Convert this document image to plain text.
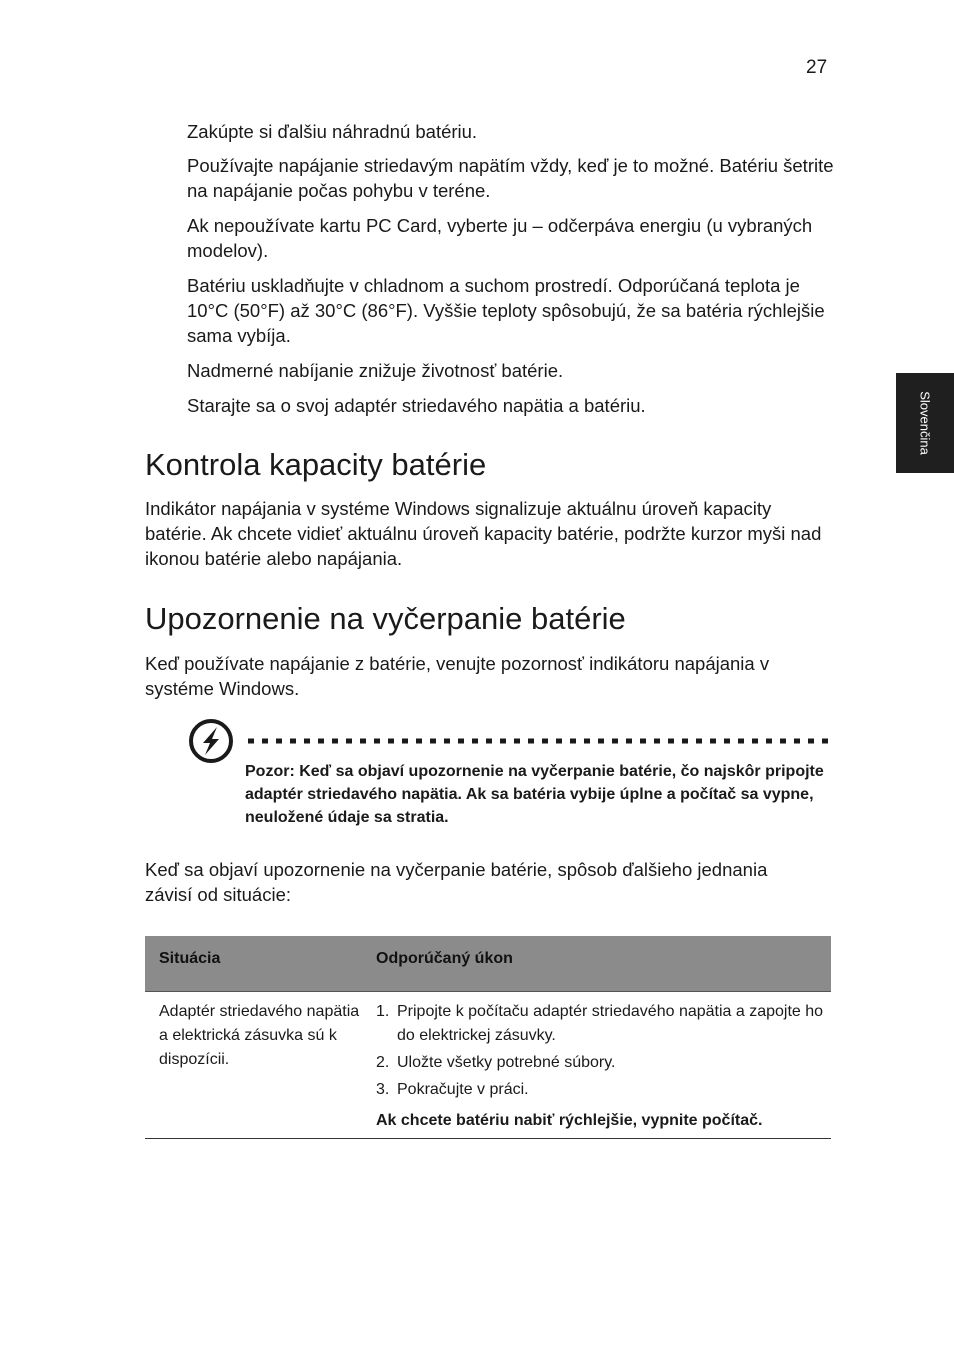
27
Slovenčina
Zakúpte si ďalšiu náhradnú batériu.
Používajte napájanie striedavým napätím vždy, keď je to možné. Batériu šetrite na napájanie počas pohybu v teréne.
Ak nepoužívate kartu PC Card, vyberte ju – odčerpáva energiu (u vybraných modelov).
Batériu uskladňujte v chladnom a suchom prostredí. Odporúčaná teplota je 10°C (50°F) až 30°C (86°F). Vyššie teploty spôsobujú, že sa batéria rýchlejšie sama vybíja.
Nadmerné nabíjanie znižuje životnosť batérie.
Starajte sa o svoj adaptér striedavého napätia a batériu.
Kontrola kapacity batérie

Indikátor napájania v systéme Windows signalizuje aktuálnu úroveň kapacity batérie. Ak chcete vidieť aktuálnu úroveň kapacity batérie, podržte kurzor myši nad ikonou batérie alebo napájania.

Upozornenie na vyčerpanie batérie

Keď používate napájanie z batérie, venujte pozornosť indikátoru napájania v systéme Windows.

Pozor: Keď sa objaví upozornenie na vyčerpanie batérie, čo najskôr pripojte adaptér striedavého napätia. Ak sa batéria vybije úplne a počítač sa vypne, neuložené údaje sa stratia.

Keď sa objaví upozornenie na vyčerpanie batérie, spôsob ďalšieho jednania závisí od situácie:

Situácia	Odporúčaný úkon
Adaptér striedavého napätia a elektrická zásuvka sú k dispozícii.
1. Pripojte k počítaču adaptér striedavého napätia a zapojte ho do elektrickej zásuvky.
2. Uložte všetky potrebné súbory.
3. Pokračujte v práci.
Ak chcete batériu nabiť rýchlejšie, vypnite počítač.
